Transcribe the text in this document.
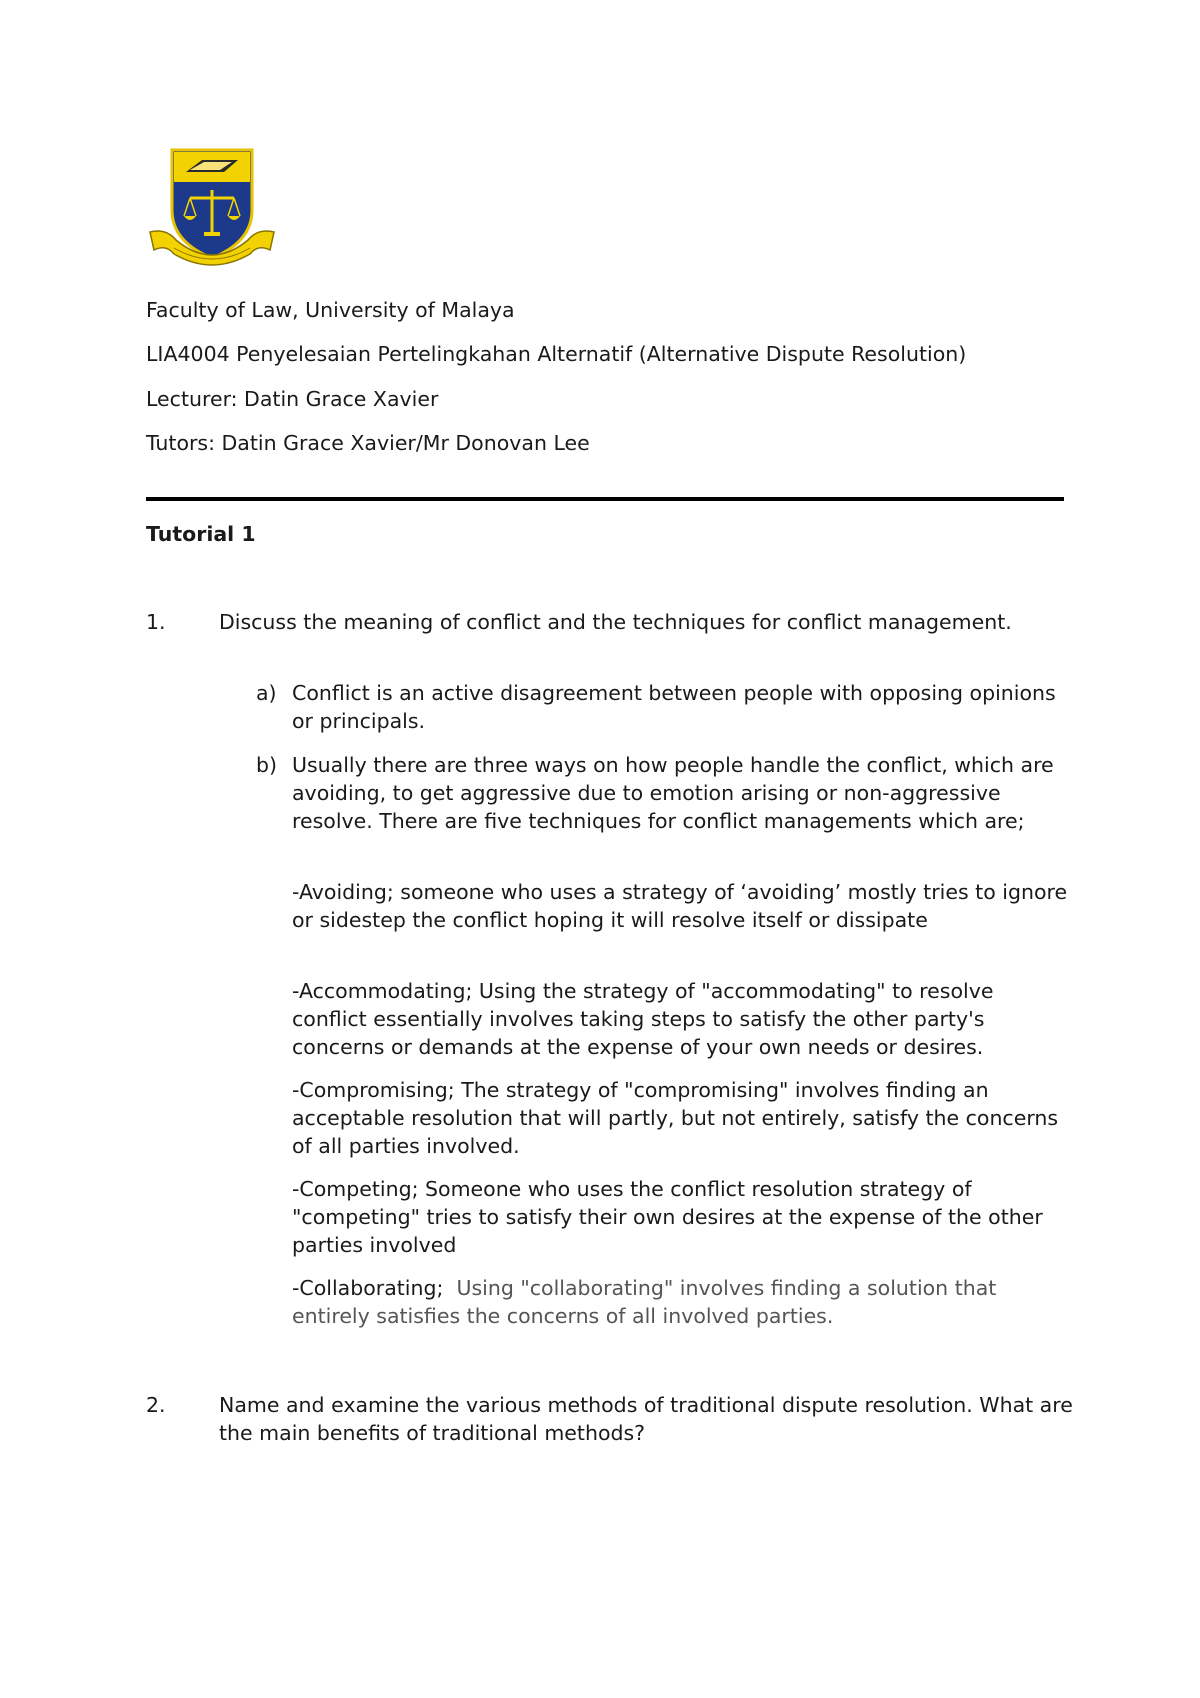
Faculty of Law, University of Malaya
LIA4004 Penyelesaian Pertelingkahan Alternatif (Alternative Dispute Resolution)
Lecturer: Datin Grace Xavier
Tutors: Datin Grace Xavier/Mr Donovan Lee
Tutorial 1
1.	Discuss the meaning of conflict and the techniques for conflict management.
a) Conflict is an active disagreement between people with opposing opinions or principals.
b) Usually there are three ways on how people handle the conflict, which are avoiding, to get aggressive due to emotion arising or non-aggressive resolve. There are five techniques for conflict managements which are;
-Avoiding; someone who uses a strategy of ‘avoiding’ mostly tries to ignore or sidestep the conflict hoping it will resolve itself or dissipate
-Accommodating; Using the strategy of "accommodating" to resolve conflict essentially involves taking steps to satisfy the other party's concerns or demands at the expense of your own needs or desires.
-Compromising; The strategy of "compromising" involves finding an acceptable resolution that will partly, but not entirely, satisfy the concerns of all parties involved.
-Competing; Someone who uses the conflict resolution strategy of "competing" tries to satisfy their own desires at the expense of the other parties involved
-Collaborating; Using "collaborating" involves finding a solution that entirely satisfies the concerns of all involved parties.
2.	Name and examine the various methods of traditional dispute resolution. What are the main benefits of traditional methods?
